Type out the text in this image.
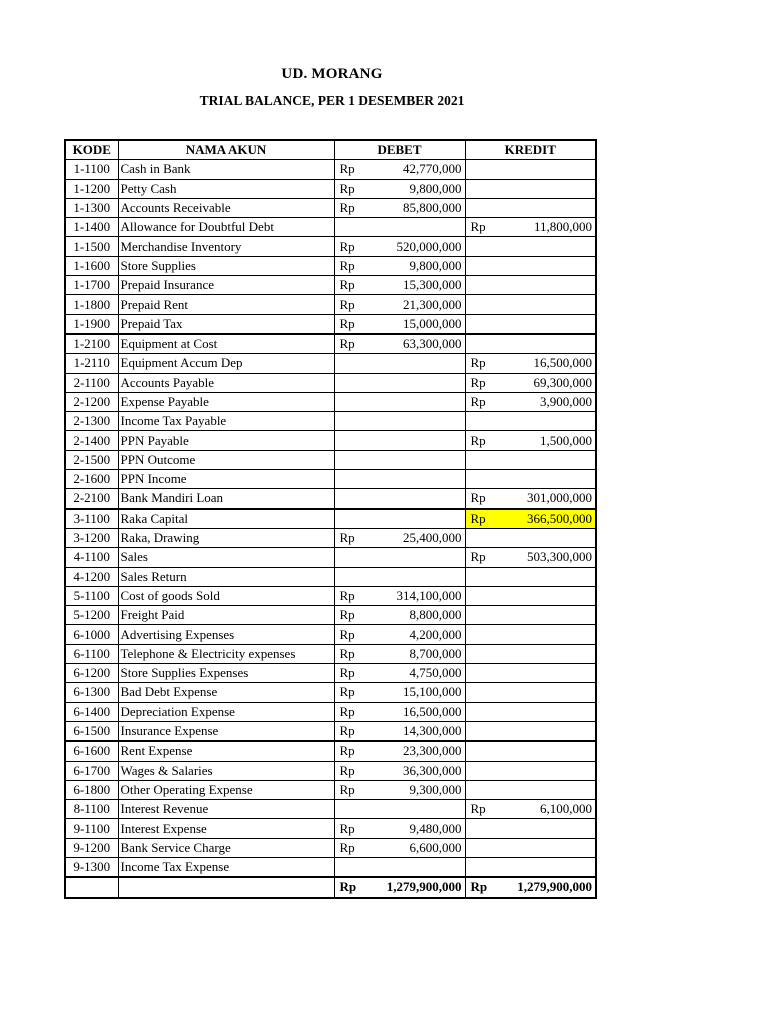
UD. MORANG
TRIAL BALANCE, PER 1 DESEMBER 2021
KODE	NAMA AKUN	DEBET	KREDIT
1-1100	Cash in Bank	Rp 42,770,000	

1-1200	Petty Cash	Rp 9,800,000	

1-1300	Accounts Receivable	Rp 85,800,000	

1-1400	Allowance for Doubtful Debt		Rp 11,800,000

1-1500	Merchandise Inventory	Rp 520,000,000	

1-1600	Store Supplies	Rp 9,800,000	

1-1700	Prepaid Insurance	Rp 15,300,000	

1-1800	Prepaid Rent	Rp 21,300,000	

1-1900	Prepaid Tax	Rp 15,000,000	

1-2100	Equipment at Cost	Rp 63,300,000	

1-2110	Equipment Accum Dep		Rp 16,500,000

2-1100	Accounts Payable		Rp 69,300,000

2-1200	Expense Payable		Rp 3,900,000

2-1300	Income Tax Payable		
2-1400	PPN Payable		Rp 1,500,000

2-1500	PPN Outcome		
2-1600	PPN Income		
2-2100	Bank Mandiri Loan		Rp 301,000,000

3-1100	Raka Capital		Rp 366,500,000

3-1200	Raka, Drawing	Rp 25,400,000	

4-1100	Sales		Rp 503,300,000

4-1200	Sales Return		
5-1100	Cost of goods Sold	Rp 314,100,000	

5-1200	Freight Paid	Rp 8,800,000	

6-1000	Advertising Expenses	Rp 4,200,000	

6-1100	Telephone & Electricity expenses	Rp 8,700,000	

6-1200	Store Supplies Expenses	Rp 4,750,000	

6-1300	Bad Debt Expense	Rp 15,100,000	

6-1400	Depreciation Expense	Rp 16,500,000	

6-1500	Insurance Expense	Rp 14,300,000	

6-1600	Rent Expense	Rp 23,300,000	

6-1700	Wages & Salaries	Rp 36,300,000	

6-1800	Other Operating Expense	Rp 9,300,000	

8-1100	Interest Revenue		Rp 6,100,000

9-1100	Interest Expense	Rp 9,480,000	

9-1200	Bank Service Charge	Rp 6,600,000	

9-1300	Income Tax Expense		

		Rp 1,279,900,000	Rp 1,279,900,000
